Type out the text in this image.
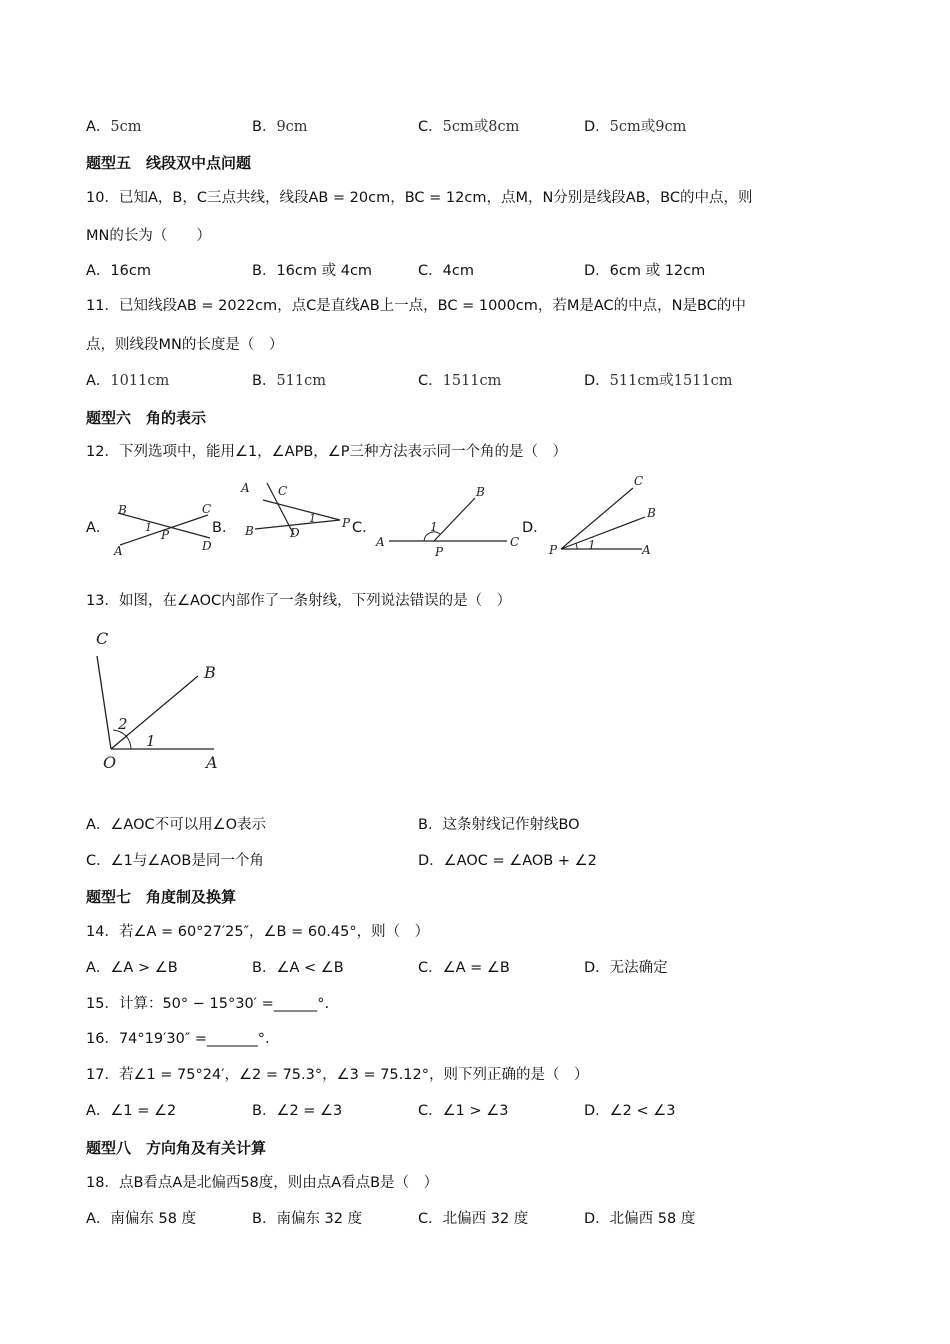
A．5cm	B．9cm	C．5cm或8cm	D．5cm或9cm
题型五　线段双中点问题
10．已知A，B，C三点共线，线段AB = 20cm，BC = 12cm，点M，N分别是线段AB，BC的中点，则
MN的长为（　　）
A．16cm	B．16cm 或 4cm	C．4cm	D．6cm 或 12cm
11．已知线段AB = 2022cm，点C是直线AB上一点，BC = 1000cm，若M是AC的中点，N是BC的中
点，则线段MN的长度是（　）
A．1011cm	B．511cm	C．1511cm	D．511cm或1511cm
题型六　角的表示
12．下列选项中，能用∠1，∠APB，∠P三种方法表示同一个角的是（　）
A．
B	C
1
P
A	D
B．
A C
1 P
B	D	C．
B
1
A
P
C
D．
C
B
1
P	A
13．如图，在∠AOC内部作了一条射线，下列说法错误的是（　）
C
B
2
1
O	A
A．∠AOC不可以用∠O表示	B．这条射线记作射线BO
C．∠1与∠AOB是同一个角	D．∠AOC = ∠AOB + ∠2
题型七　角度制及换算
14．若∠A = 60°27′25″，∠B = 60.45°，则（　）
A．∠A > ∠B	B．∠A < ∠B	C．∠A = ∠B	D．无法确定
15．计算：50° − 15°30′ =______°.
16．74°19′30″ =_______°.
17．若∠1 = 75°24′，∠2 = 75.3°，∠3 = 75.12°，则下列正确的是（　）
A．∠1 = ∠2	B．∠2 = ∠3	C．∠1 > ∠3	D．∠2 < ∠3
题型八　方向角及有关计算
18．点B看点A是北偏西58度，则由点A看点B是（　）
A．南偏东 58 度	B．南偏东 32 度	C．北偏西 32 度	D．北偏西 58 度
